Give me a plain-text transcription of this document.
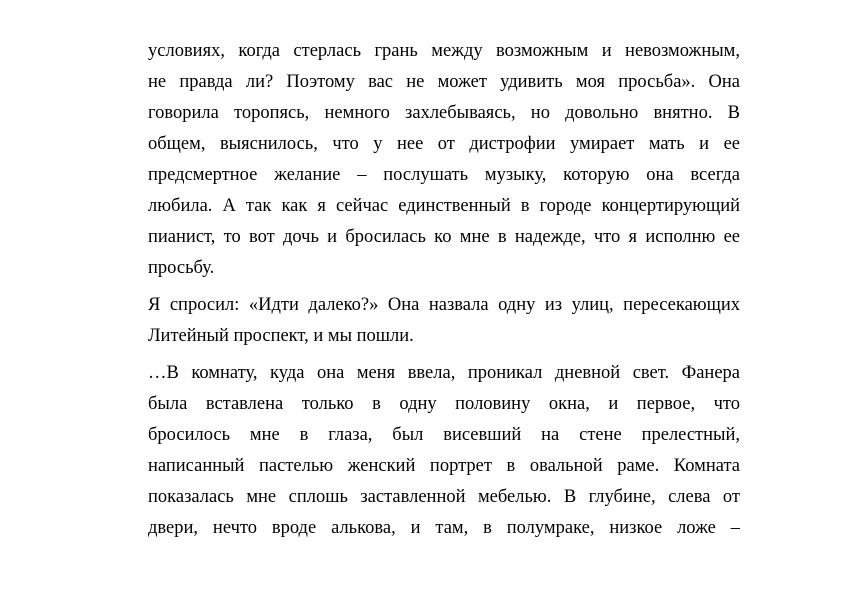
условиях, когда стерлась грань между возможным и невозможным,
не правда ли? Поэтому вас не может удивить моя просьба». Она
говорила торопясь, немного захлебываясь, но довольно внятно. В
общем, выяснилось, что у нее от дистрофии умирает мать и ее
предсмертное желание – послушать музыку, которую она всегда
любила. А так как я сейчас единственный в городе концертирующий
пианист, то вот дочь и бросилась ко мне в надежде, что я исполню ее
просьбу.
Я спросил: «Идти далеко?» Она назвала одну из улиц, пересекающих
Литейный проспект, и мы пошли.
…В комнату, куда она меня ввела, проникал дневной свет. Фанера
была вставлена только в одну половину окна, и первое, что
бросилось мне в глаза, был висевший на стене прелестный,
написанный пастелью женский портрет в овальной раме. Комната
показалась мне сплошь заставленной мебелью. В глубине, слева от
двери, нечто вроде алькова, и там, в полумраке, низкое ложе –
